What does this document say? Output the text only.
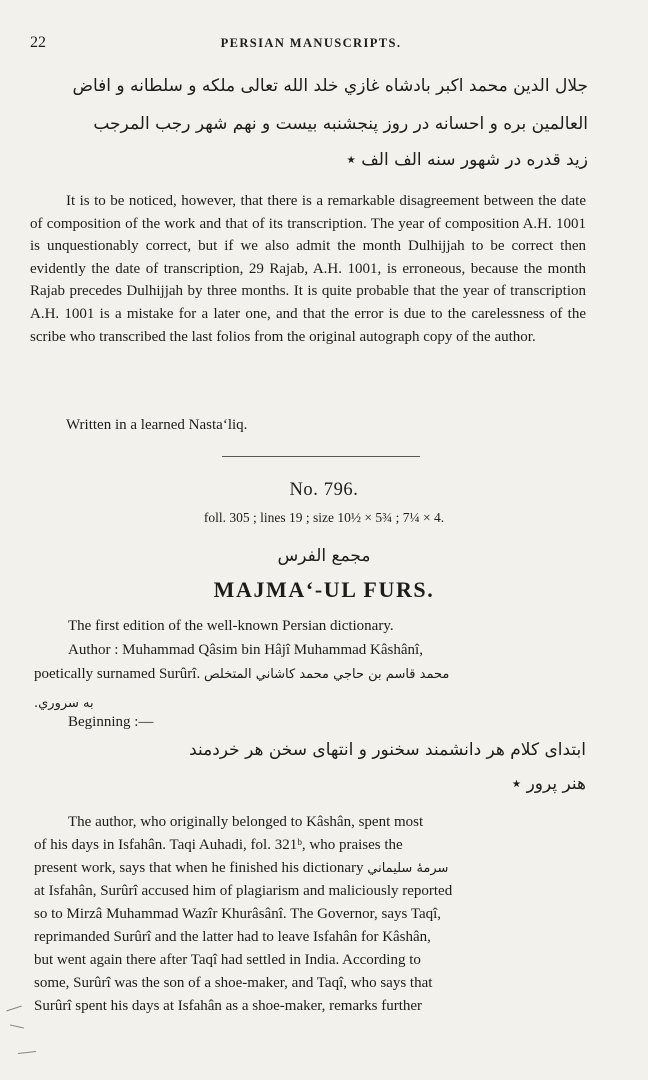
22	PERSIAN MANUSCRIPTS.
جلال الدين محمد اکبر بادشاه غازي خلد الله تعالی ملکه و سلطانه و افاض
العالمين بره و احسانه در روز پنجشنبه بيست و نهم شهر رجب المرجب
زيد قدره در شهور سنه الف الف ٭
It is to be noticed, however, that there is a remarkable disagreement between the date of composition of the work and that of its transcription. The year of composition A.H. 1001 is unquestionably correct, but if we also admit the month Dulhijjah to be correct then evidently the date of transcription, 29 Rajab, A.H. 1001, is erroneous, because the month Rajab precedes Dulhijjah by three months. It is quite probable that the year of transcription A.H. 1001 is a mistake for a later one, and that the error is due to the carelessness of the scribe who transcribed the last folios from the original autograph copy of the author.
Written in a learned Nasta‘liq.
No. 796.
foll. 305 ; lines 19 ; size 10½ × 5¾ ; 7¼ × 4.
مجمع الفرس
MAJMA‘-UL FURS.
The first edition of the well-known Persian dictionary.
Author : Muhammad Qâsim bin Hâjî Muhammad Kâshânî,
poetically surnamed Surûrî. محمد قاسم بن حاجي محمد کاشاني المتخلص
به سروري.
Beginning :—
ابتدای کلام هر دانشمند سخنور و انتهای سخن هر خردمند
هنر پرور ٭
The author, who originally belonged to Kâshân, spent most
of his days in Isfahân. Taqi Auhadi, fol. 321ᵇ, who praises the
present work, says that when he finished his dictionary سرمهٔ سليماني
at Isfahân, Surûrî accused him of plagiarism and maliciously reported
so to Mirzâ Muhammad Wazîr Khurâsânî. The Governor, says Taqî,
reprimanded Surûrî and the latter had to leave Isfahân for Kâshân,
but went again there after Taqî had settled in India. According to
some, Surûrî was the son of a shoe-maker, and Taqî, who says that
Surûrî spent his days at Isfahân as a shoe-maker, remarks further
